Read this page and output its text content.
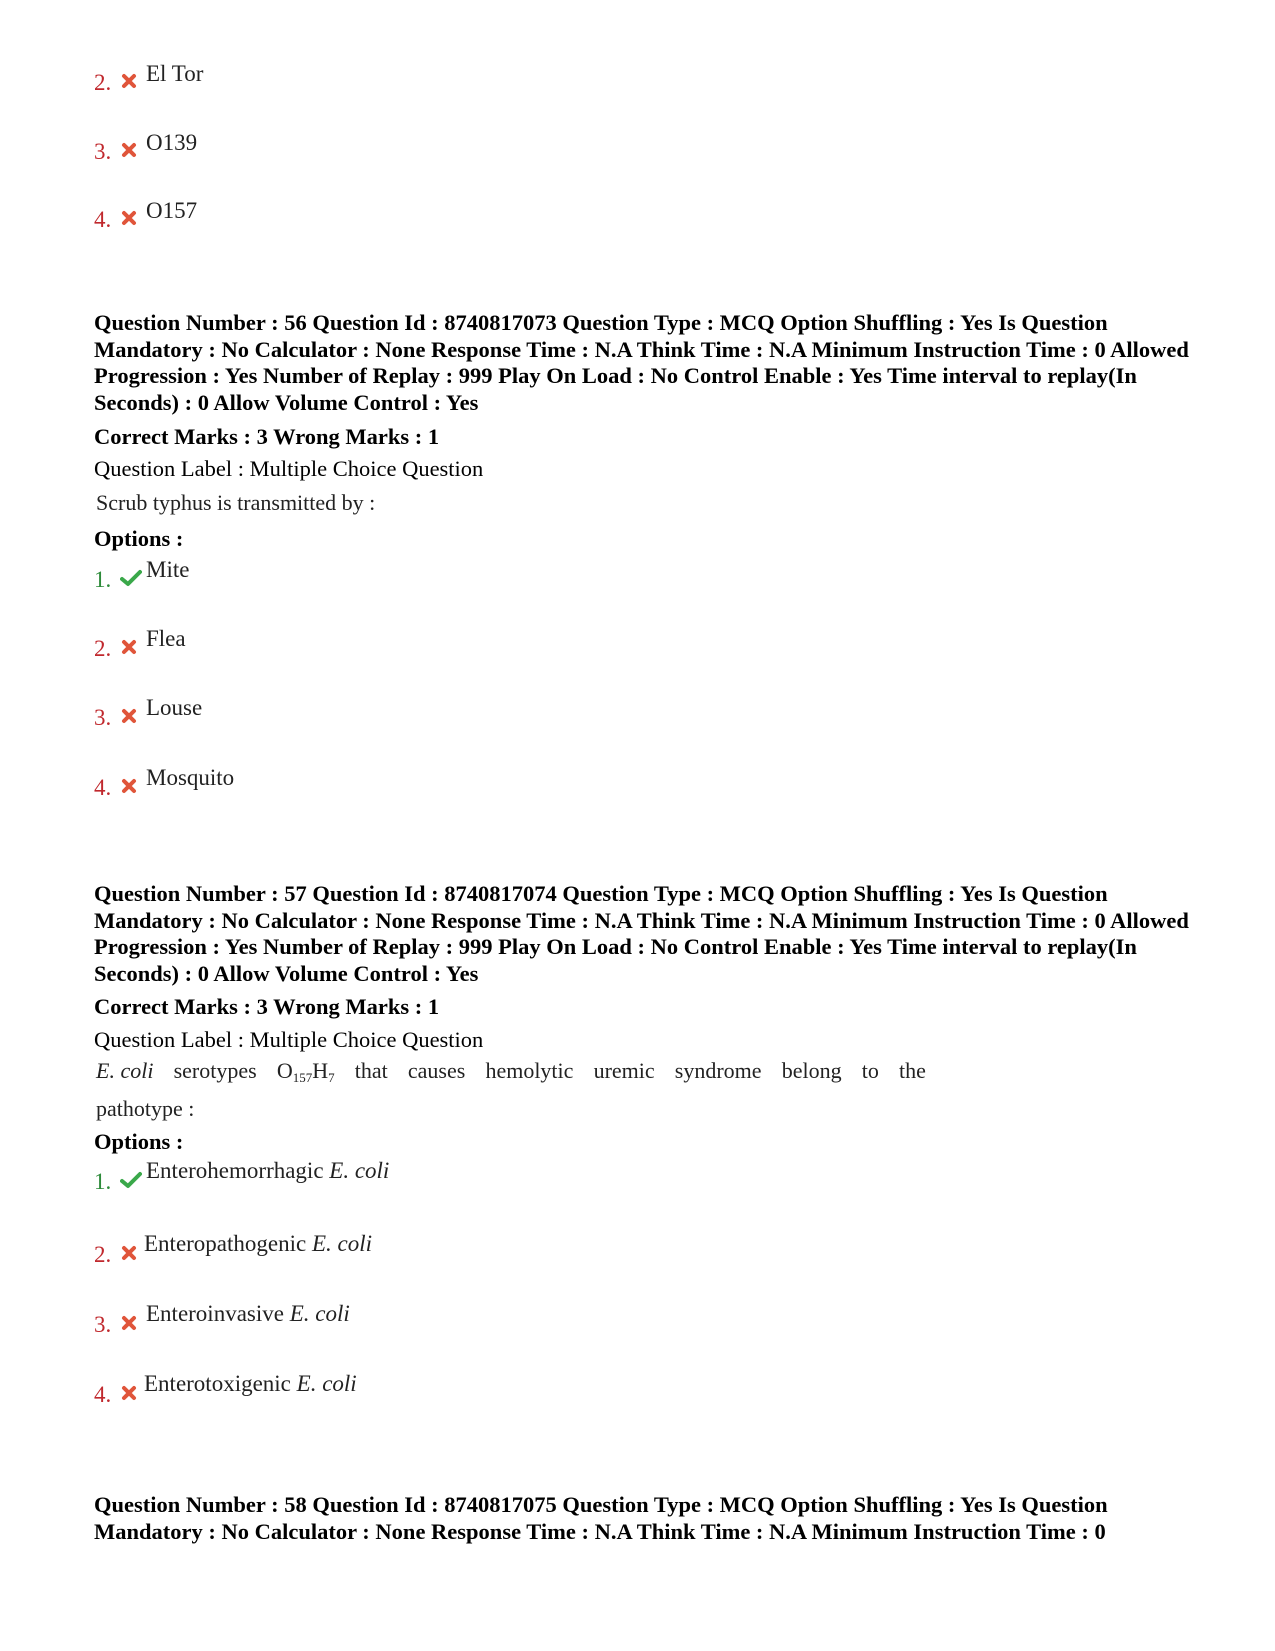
2. El Tor
3. O139
4. O157
Question Number : 56 Question Id : 8740817073 Question Type : MCQ Option Shuffling : Yes Is Question Mandatory : No Calculator : None Response Time : N.A Think Time : N.A Minimum Instruction Time : 0 Allowed Progression : Yes Number of Replay : 999 Play On Load : No Control Enable : Yes Time interval to replay(In Seconds) : 0 Allow Volume Control : Yes
Correct Marks : 3 Wrong Marks : 1
Question Label : Multiple Choice Question
Scrub typhus is transmitted by :
Options :
1. Mite
2. Flea
3. Louse
4. Mosquito
Question Number : 57 Question Id : 8740817074 Question Type : MCQ Option Shuffling : Yes Is Question Mandatory : No Calculator : None Response Time : N.A Think Time : N.A Minimum Instruction Time : 0 Allowed Progression : Yes Number of Replay : 999 Play On Load : No Control Enable : Yes Time interval to replay(In Seconds) : 0 Allow Volume Control : Yes
Correct Marks : 3 Wrong Marks : 1
Question Label : Multiple Choice Question
E. coli serotypes $O_{157}H_7$ that causes hemolytic uremic syndrome belong to the
pathotype :
Options :
1. Enterohemorrhagic E. coli
2. Enteropathogenic E. coli
3. Enteroinvasive E. coli
4. Enterotoxigenic E. coli
Question Number : 58 Question Id : 8740817075 Question Type : MCQ Option Shuffling : Yes Is Question Mandatory : No Calculator : None Response Time : N.A Think Time : N.A Minimum Instruction Time : 0
